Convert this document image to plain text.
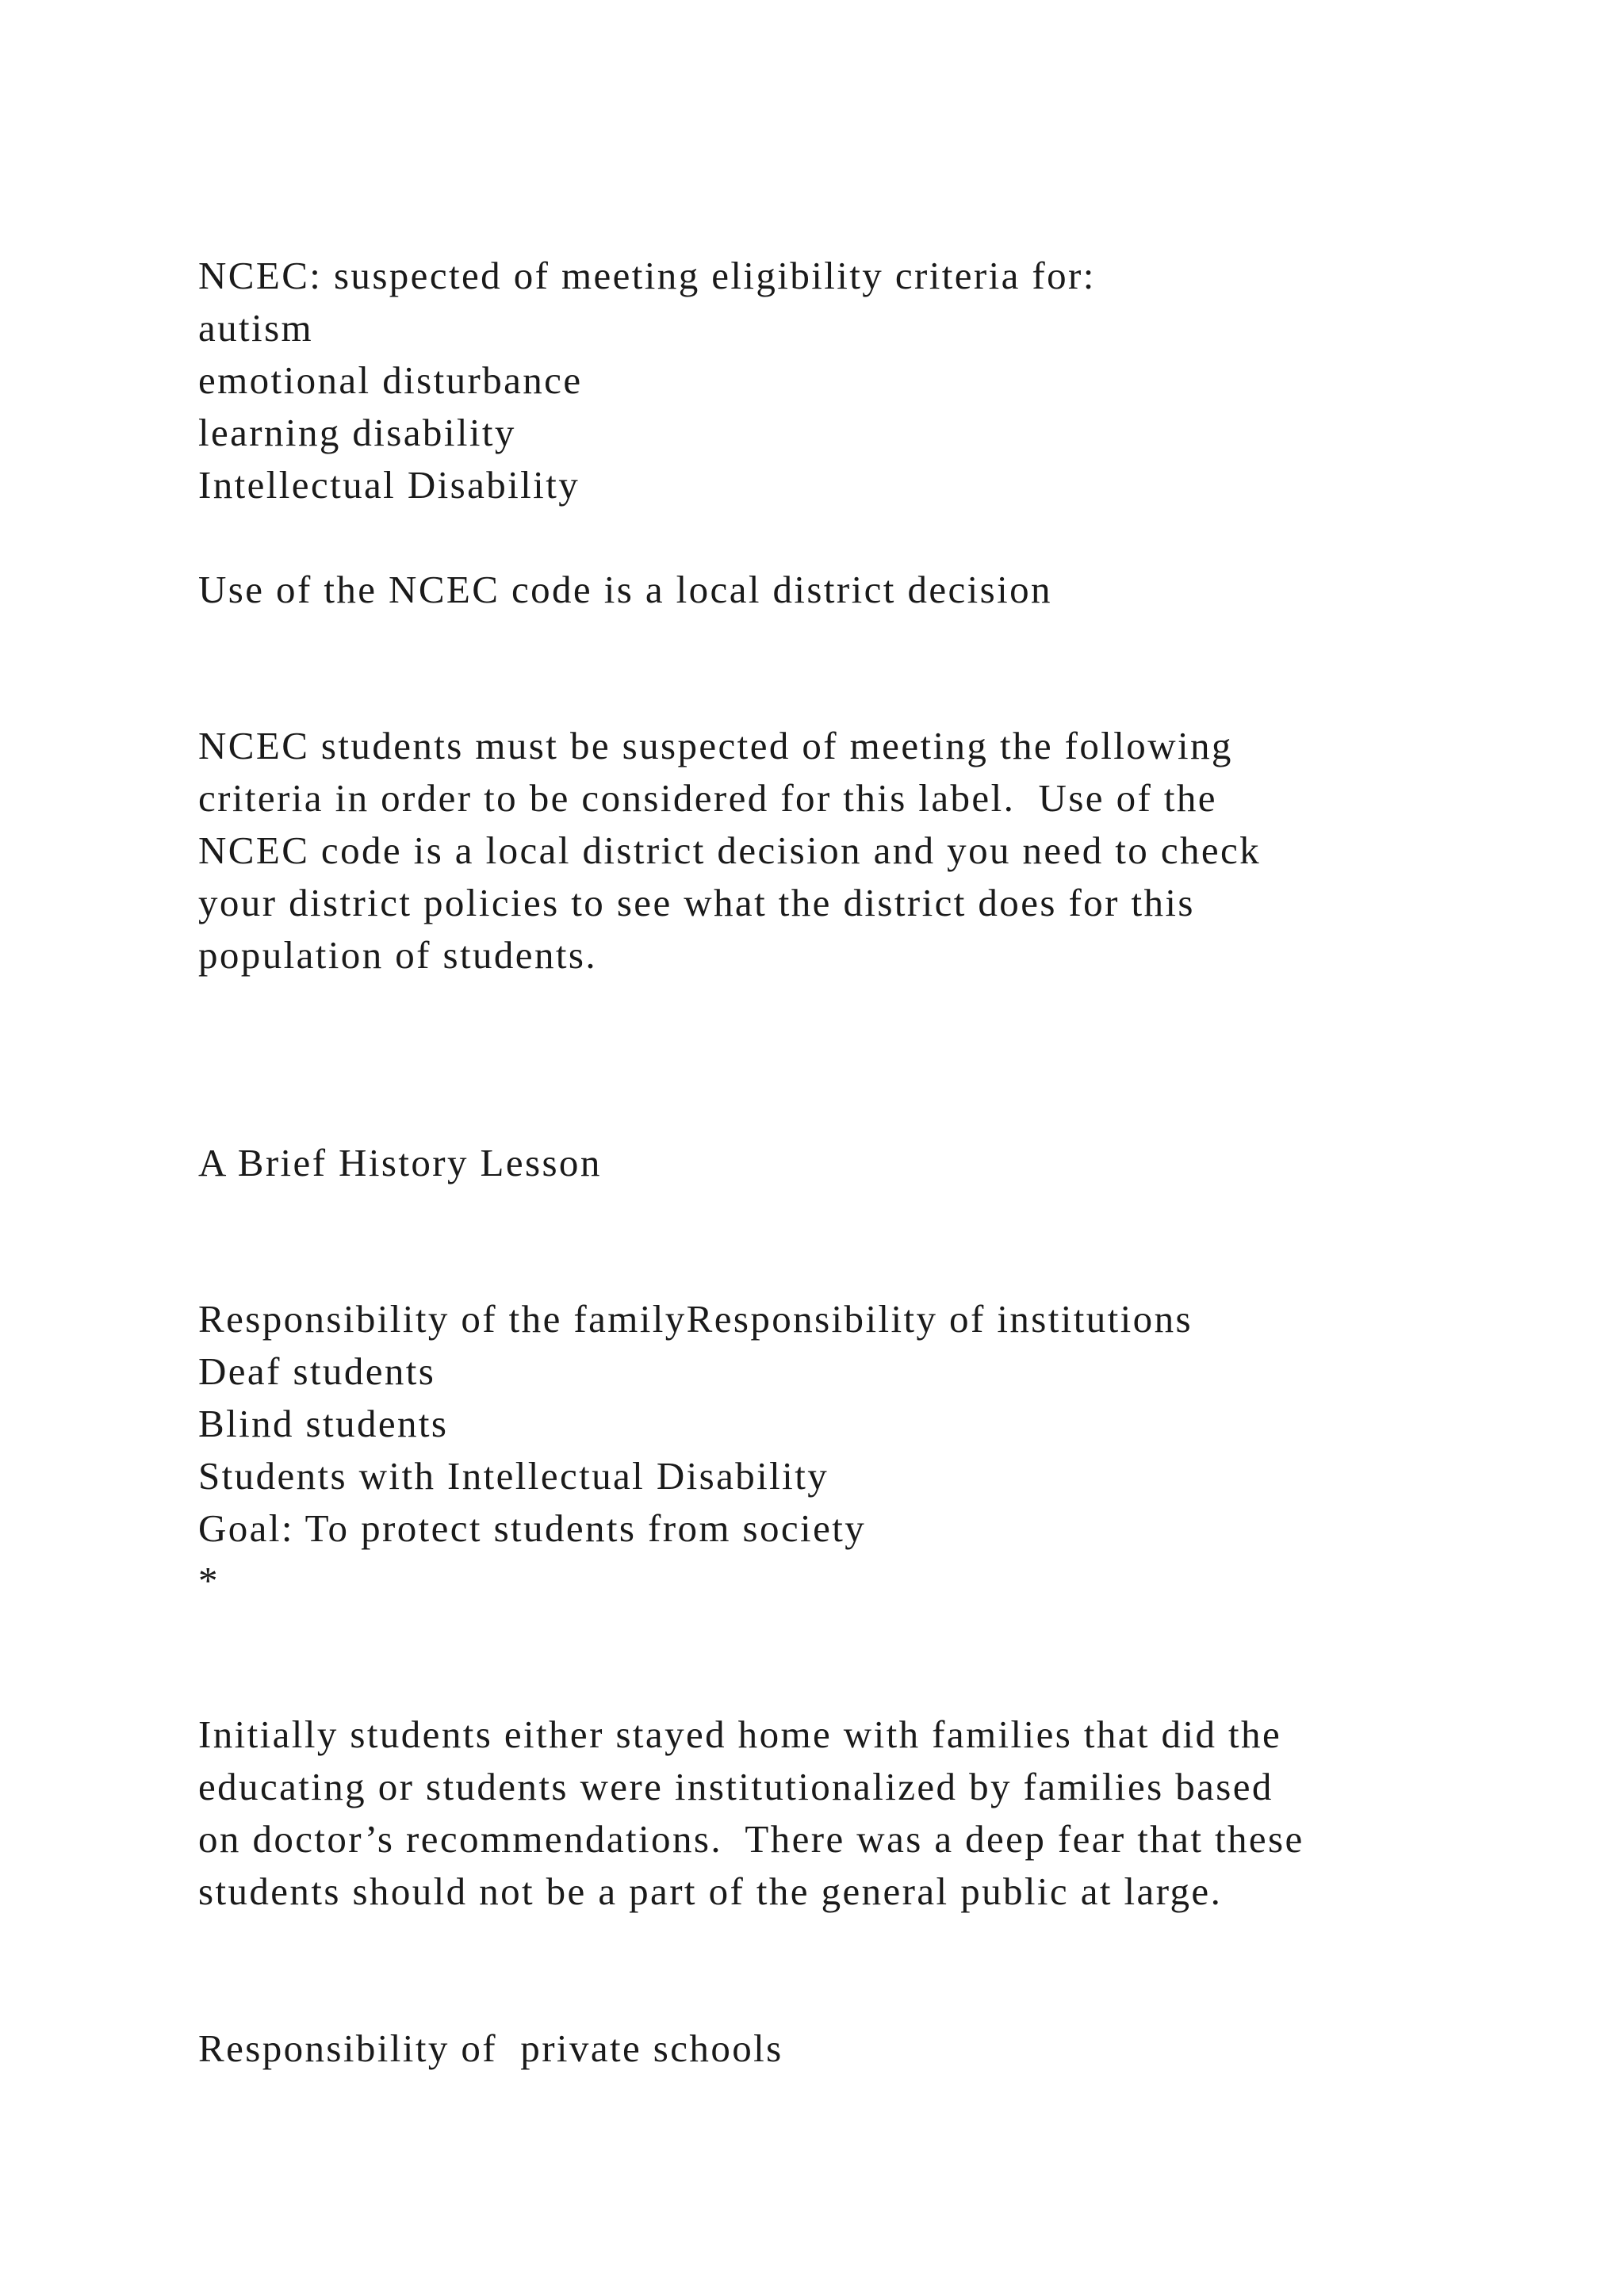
NCEC: suspected of meeting eligibility criteria for:

autism

emotional disturbance

learning disability

Intellectual Disability

Use of the NCEC code is a local district decision

NCEC students must be suspected of meeting the following

criteria in order to be considered for this label.  Use of the

NCEC code is a local district decision and you need to check

your district policies to see what the district does for this

population of students.

A Brief History Lesson

Responsibility of the familyResponsibility of institutions

Deaf students

Blind students

Students with Intellectual Disability

Goal: To protect students from society

*

Initially students either stayed home with families that did the

educating or students were institutionalized by families based

on doctor’s recommendations.  There was a deep fear that these

students should not be a part of the general public at large.

Responsibility of  private schools
